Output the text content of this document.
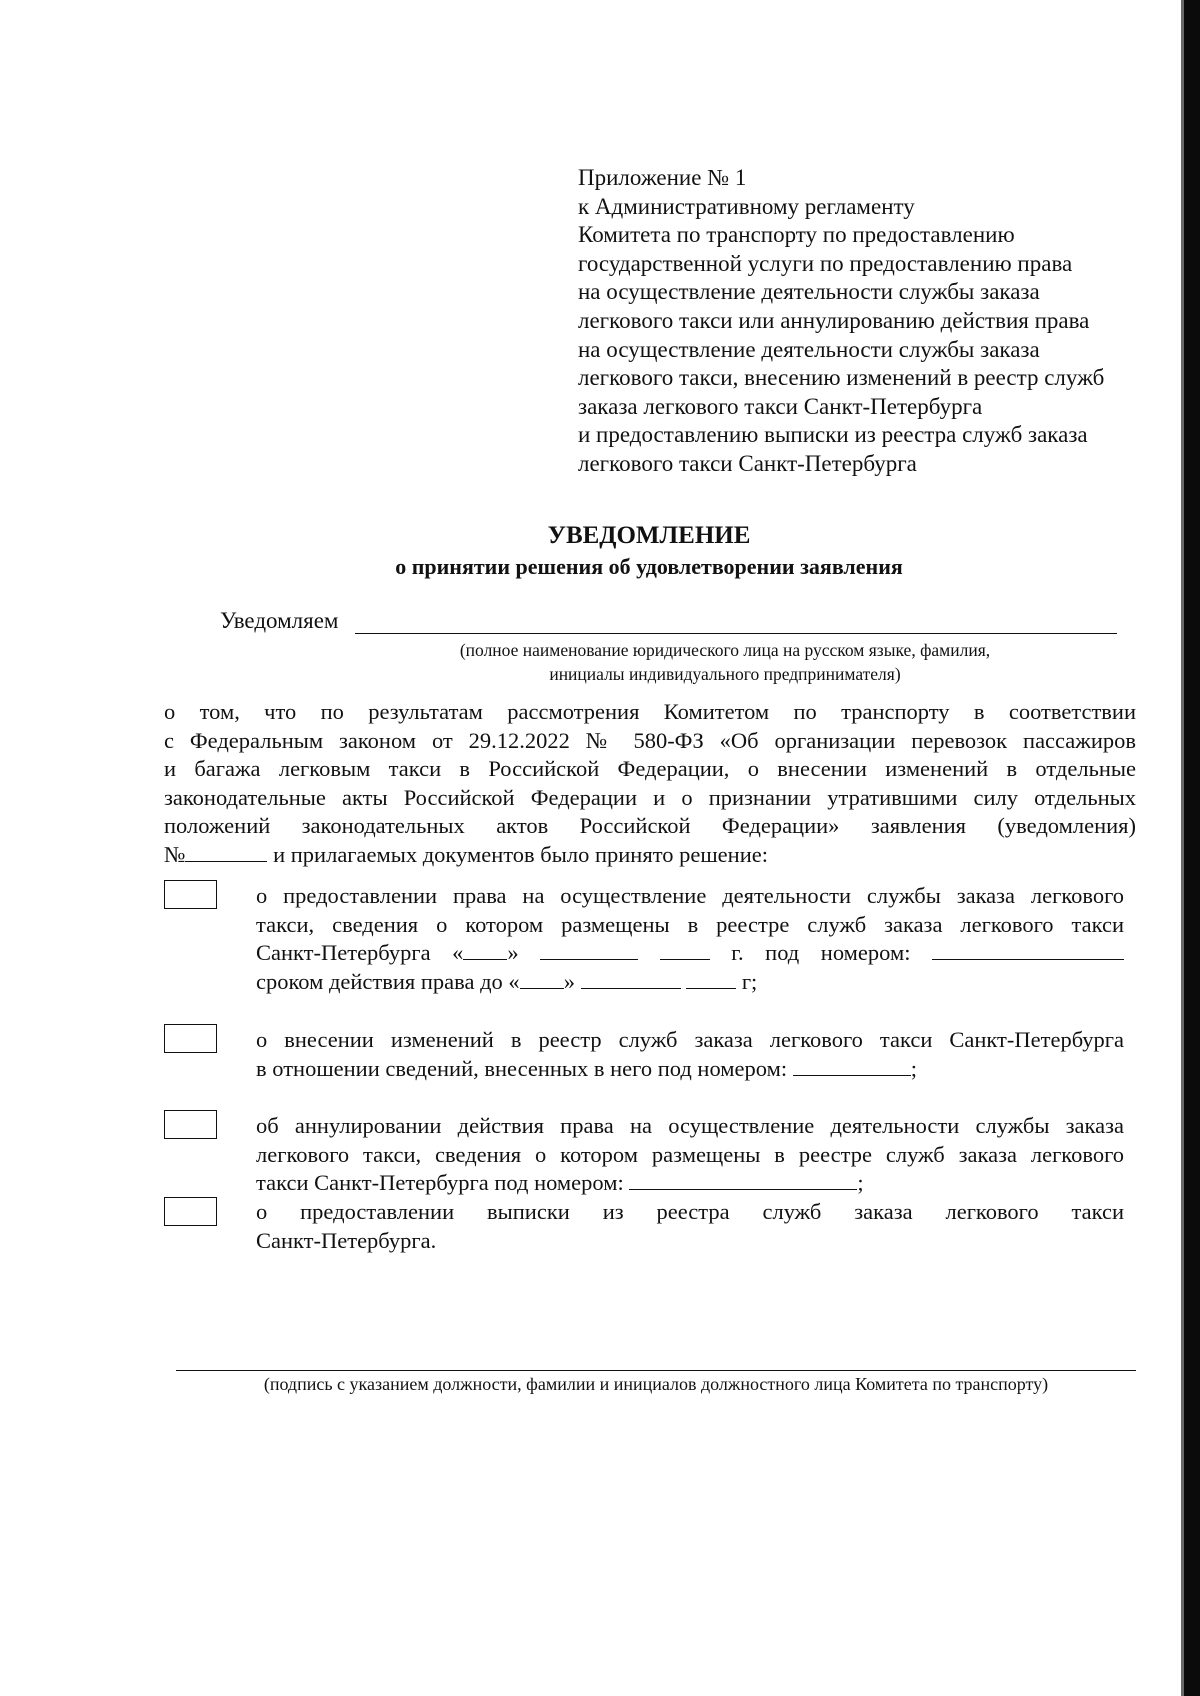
Приложение № 1
к Административному регламенту
Комитета по транспорту по предоставлению
государственной услуги по предоставлению права
на осуществление деятельности службы заказа
легкового такси или аннулированию действия права
на осуществление деятельности службы заказа
легкового такси, внесению изменений в реестр служб
заказа легкового такси Санкт-Петербурга
и предоставлению выписки из реестра служб заказа
легкового такси Санкт-Петербурга
УВЕДОМЛЕНИЕ
о принятии решения об удовлетворении заявления
Уведомляем
(полное наименование юридического лица на русском языке, фамилия,
инициалы индивидуального предпринимателя)
о том, что по результатам рассмотрения Комитетом по транспорту в соответствии
с Федеральным законом от 29.12.2022 № 580-ФЗ «Об организации перевозок пассажиров
и багажа легковым такси в Российской Федерации, о внесении изменений в отдельные
законодательные акты Российской Федерации и о признании утратившими силу отдельных
положений законодательных актов Российской Федерации» заявления (уведомления)
№	и прилагаемых документов было принято решение:
о предоставлении права на осуществление деятельности службы заказа легкового
такси, сведения о котором размещены в реестре служб заказа легкового такси
Санкт-Петербурга « »	г. под номером:
сроком действия права до « »	г;
о внесении изменений в реестр служб заказа легкового такси Санкт-Петербурга
в отношении сведений, внесенных в него под номером:	;
об аннулировании действия права на осуществление деятельности службы заказа
легкового такси, сведения о котором размещены в реестре служб заказа легкового
такси Санкт-Петербурга под номером:	;
о предоставлении выписки из реестра служб заказа легкового такси
Санкт-Петербурга.
(подпись с указанием должности, фамилии и инициалов должностного лица Комитета по транспорту)
